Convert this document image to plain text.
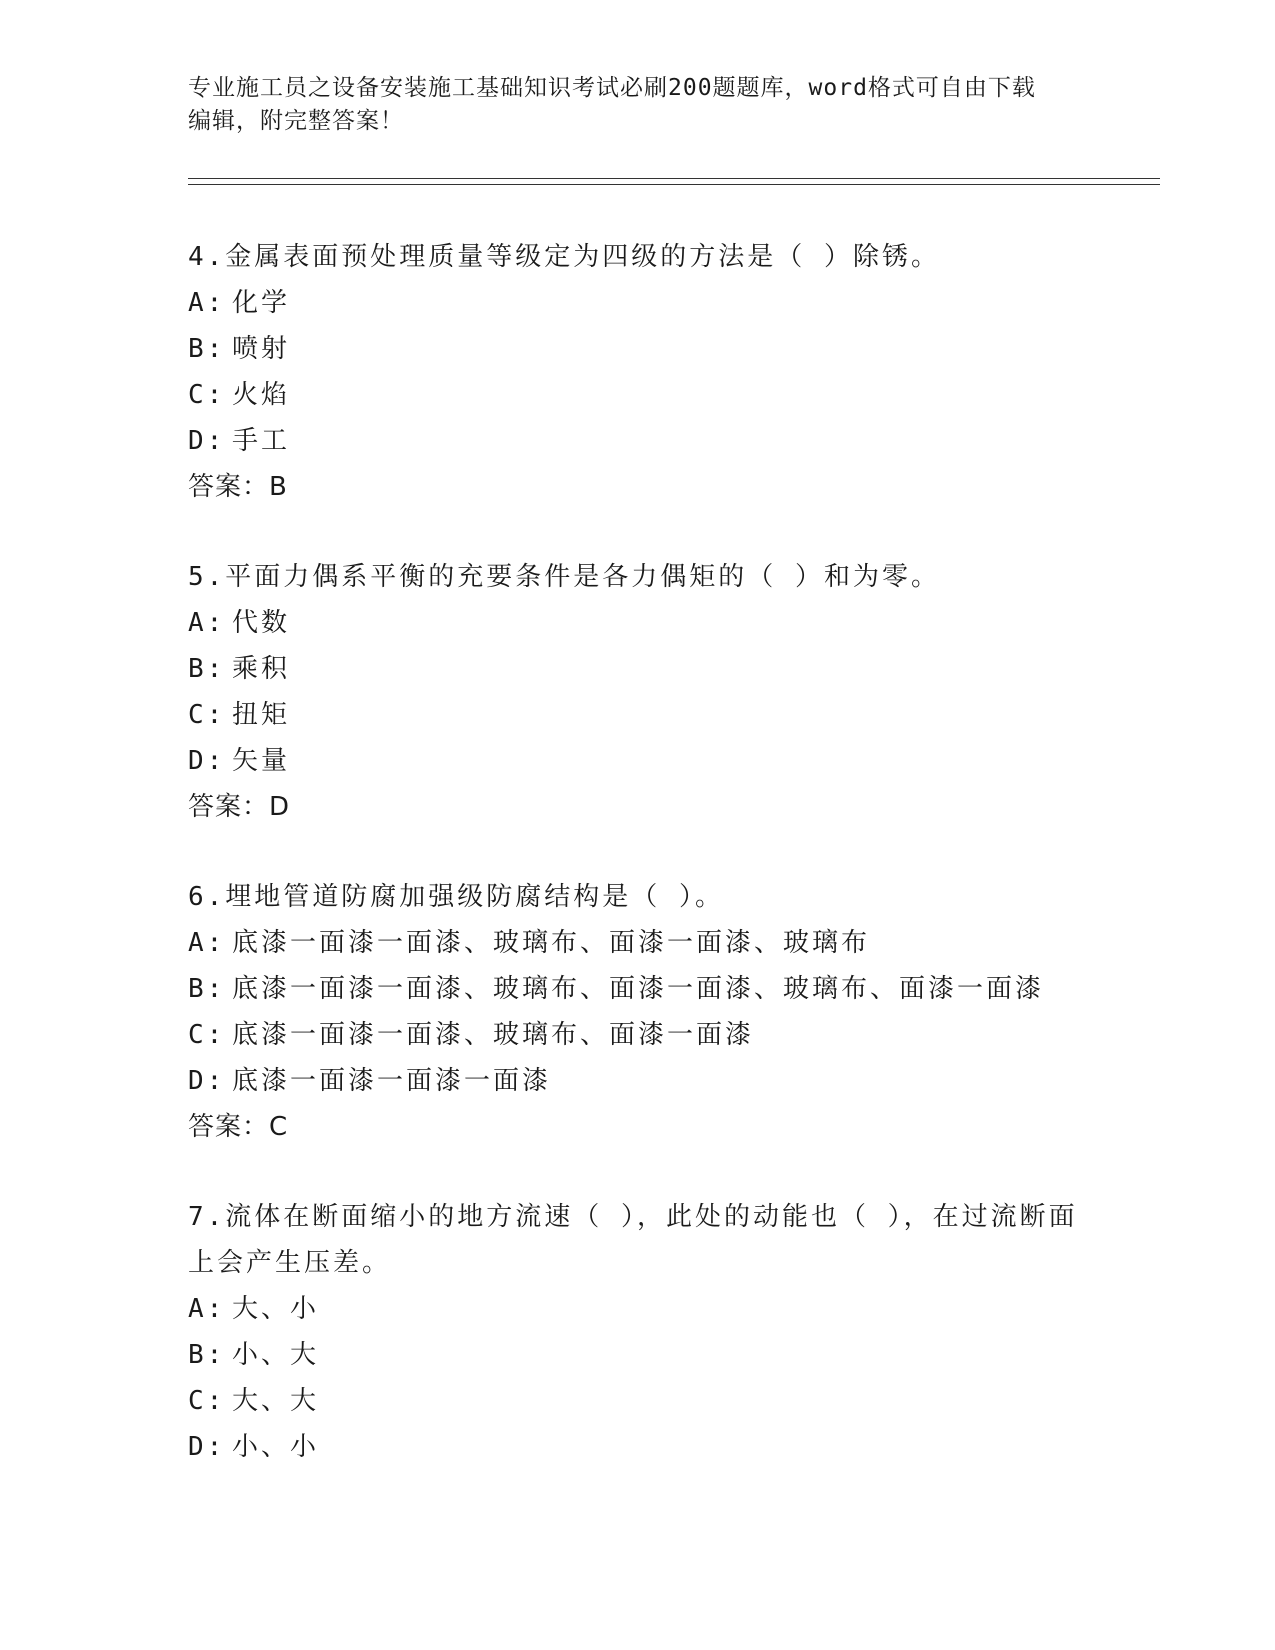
专业施工员之设备安装施工基础知识考试必刷200题题库，word格式可自由下载
编辑，附完整答案！

4.金属表面预处理质量等级定为四级的方法是（ ）除锈。

A: 化学

B: 喷射

C: 火焰

D: 手工

答案：B

5.平面力偶系平衡的充要条件是各力偶矩的（ ）和为零。

A: 代数

B: 乘积

C: 扭矩

D: 矢量

答案：D

6.埋地管道防腐加强级防腐结构是（ ）。

A: 底漆一面漆一面漆、玻璃布、面漆一面漆、玻璃布

B: 底漆一面漆一面漆、玻璃布、面漆一面漆、玻璃布、面漆一面漆

C: 底漆一面漆一面漆、玻璃布、面漆一面漆

D: 底漆一面漆一面漆一面漆

答案：C

7.流体在断面缩小的地方流速（ ），此处的动能也（ ），在过流断面上会产生压差。

A: 大、小

B: 小、大

C: 大、大

D: 小、小
